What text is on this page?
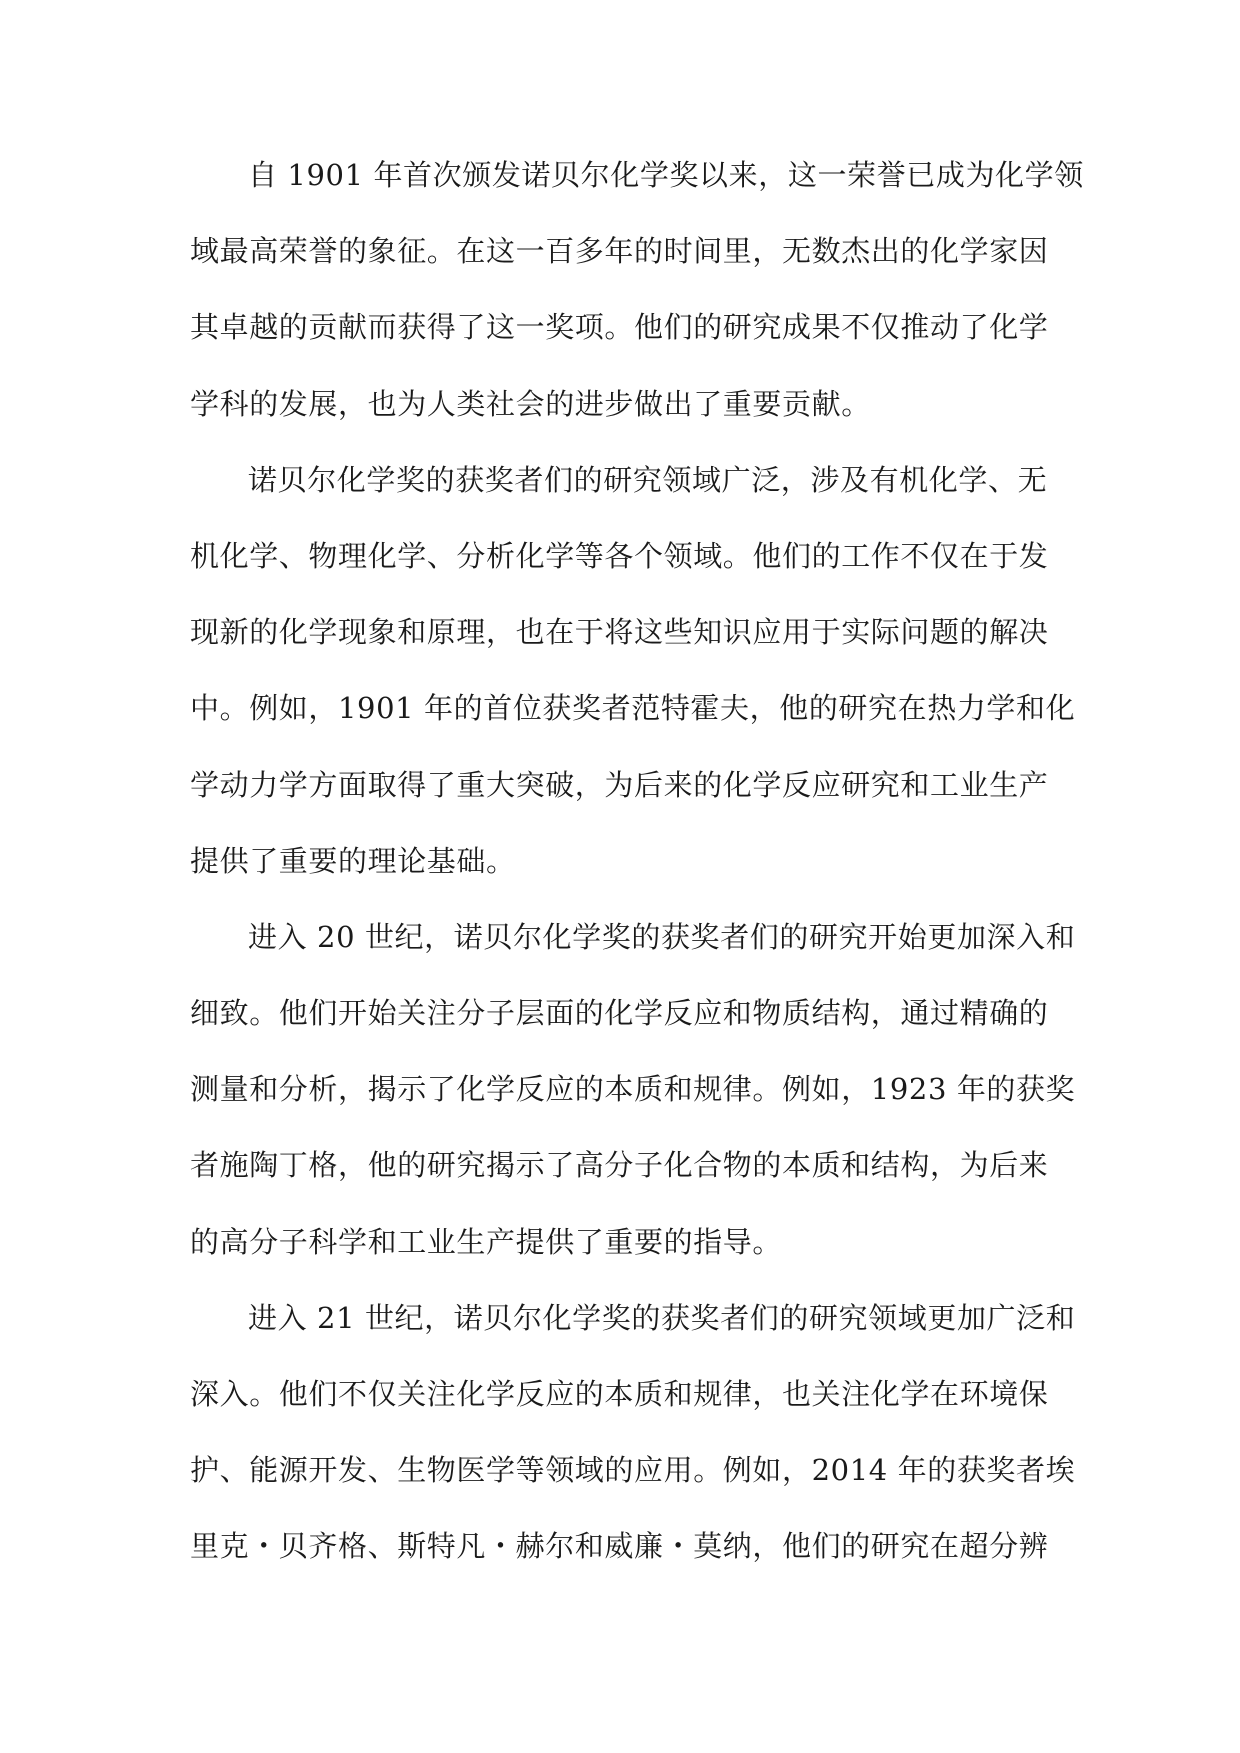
自 1901 年首次颁发诺贝尔化学奖以来，这一荣誉已成为化学领
域最高荣誉的象征。在这一百多年的时间里，无数杰出的化学家因
其卓越的贡献而获得了这一奖项。他们的研究成果不仅推动了化学
学科的发展，也为人类社会的进步做出了重要贡献。
诺贝尔化学奖的获奖者们的研究领域广泛，涉及有机化学、无
机化学、物理化学、分析化学等各个领域。他们的工作不仅在于发
现新的化学现象和原理，也在于将这些知识应用于实际问题的解决
中。例如，1901 年的首位获奖者范特霍夫，他的研究在热力学和化
学动力学方面取得了重大突破，为后来的化学反应研究和工业生产
提供了重要的理论基础。
进入 20 世纪，诺贝尔化学奖的获奖者们的研究开始更加深入和
细致。他们开始关注分子层面的化学反应和物质结构，通过精确的
测量和分析，揭示了化学反应的本质和规律。例如，1923 年的获奖
者施陶丁格，他的研究揭示了高分子化合物的本质和结构，为后来
的高分子科学和工业生产提供了重要的指导。
进入 21 世纪，诺贝尔化学奖的获奖者们的研究领域更加广泛和
深入。他们不仅关注化学反应的本质和规律，也关注化学在环境保
护、能源开发、生物医学等领域的应用。例如，2014 年的获奖者埃
里克・贝齐格、斯特凡・赫尔和威廉・莫纳，他们的研究在超分辨
